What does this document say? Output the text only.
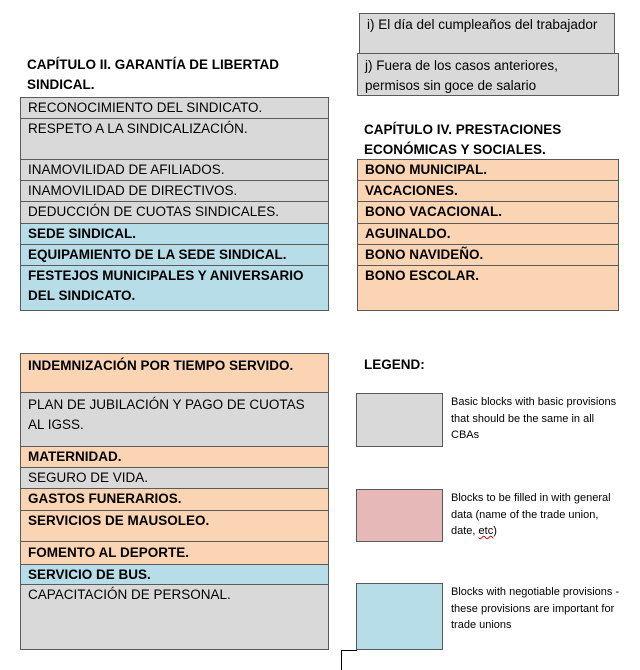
i) El día del cumpleaños del trabajador
j) Fuera de los casos anteriores, permisos sin goce de salario
CAPÍTULO II. GARANTÍA DE LIBERTAD SINDICAL.
RECONOCIMIENTO DEL SINDICATO.
RESPETO A LA SINDICALIZACIÓN.
INAMOVILIDAD DE AFILIADOS.
INAMOVILIDAD DE DIRECTIVOS.
DEDUCCIÓN DE CUOTAS SINDICALES.
SEDE SINDICAL.
EQUIPAMIENTO DE LA SEDE SINDICAL.
FESTEJOS MUNICIPALES Y ANIVERSARIO DEL SINDICATO.
CAPÍTULO IV. PRESTACIONES ECONÓMICAS Y SOCIALES.
BONO MUNICIPAL.
VACACIONES.
BONO VACACIONAL.
AGUINALDO.
BONO NAVIDEÑO.
BONO ESCOLAR.
INDEMNIZACIÓN POR TIEMPO SERVIDO.
PLAN DE JUBILACIÓN Y PAGO DE CUOTAS AL IGSS.
MATERNIDAD.
SEGURO DE VIDA.
GASTOS FUNERARIOS.
SERVICIOS DE MAUSOLEO.
FOMENTO AL DEPORTE.
SERVICIO DE BUS.
CAPACITACIÓN DE PERSONAL.
LEGEND:
Basic blocks with basic provisions that should be the same in all CBAs
Blocks to be filled in with general data (name of the trade union, date, etc)
Blocks with negotiable provisions - these provisions are important for trade unions
